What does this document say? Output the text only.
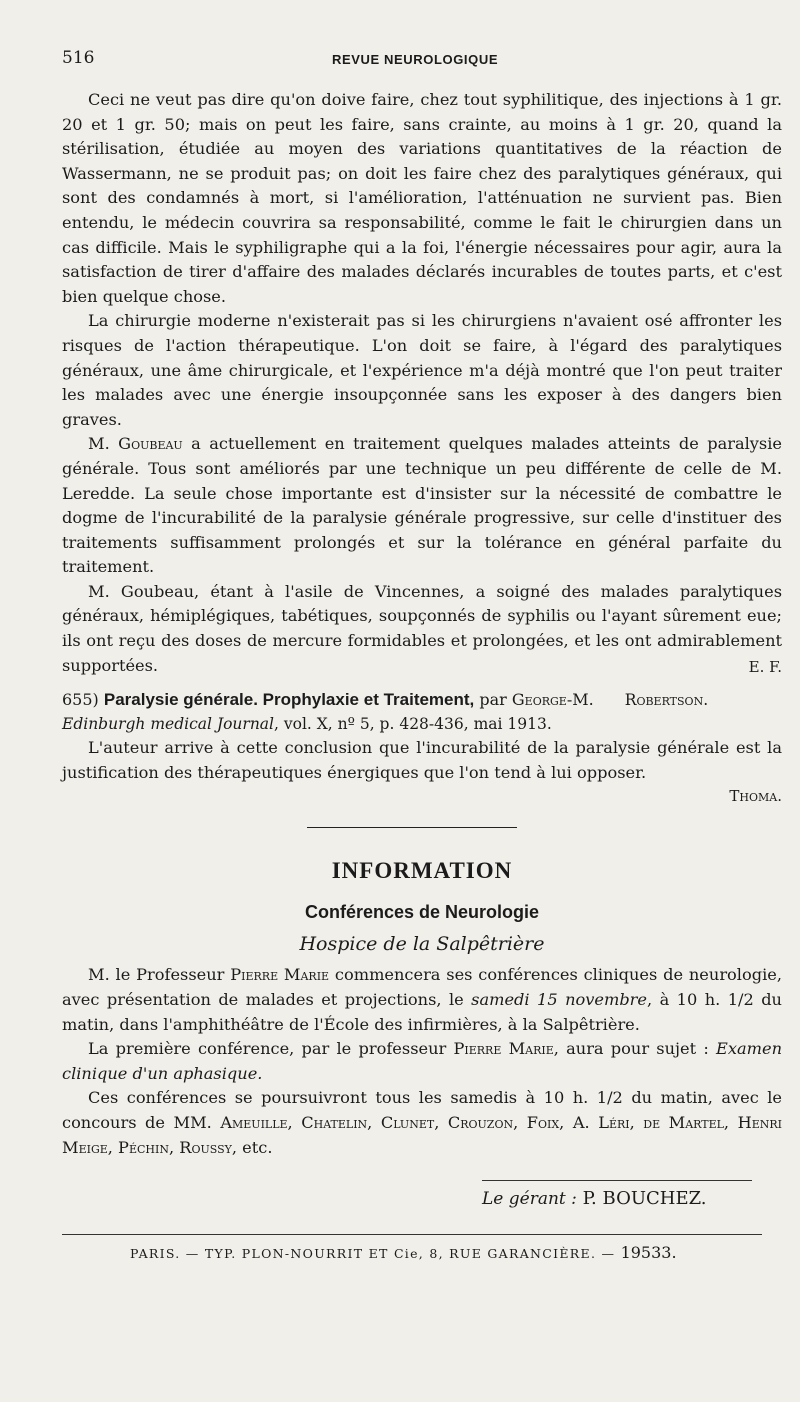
516	REVUE NEUROLOGIQUE

Ceci ne veut pas dire qu'on doive faire, chez tout syphilitique, des injections à 1 gr. 20 et 1 gr. 50; mais on peut les faire, sans crainte, au moins à 1 gr. 20, quand la stérilisation, étudiée au moyen des variations quantitatives de la réaction de Wassermann, ne se produit pas; on doit les faire chez des paralytiques généraux, qui sont des condamnés à mort, si l'amélioration, l'atténuation ne survient pas. Bien entendu, le médecin couvrira sa responsabilité, comme le fait le chirurgien dans un cas difficile. Mais le syphiligraphe qui a la foi, l'énergie nécessaires pour agir, aura la satisfaction de tirer d'affaire des malades déclarés incurables de toutes parts, et c'est bien quelque chose.

La chirurgie moderne n'existerait pas si les chirurgiens n'avaient osé affronter les risques de l'action thérapeutique. L'on doit se faire, à l'égard des paralytiques généraux, une âme chirurgicale, et l'expérience m'a déjà montré que l'on peut traiter les malades avec une énergie insoupçonnée sans les exposer à des dangers bien graves.

M. Goubeau a actuellement en traitement quelques malades atteints de paralysie générale. Tous sont améliorés par une technique un peu différente de celle de M. Leredde. La seule chose importante est d'insister sur la nécessité de combattre le dogme de l'incurabilité de la paralysie générale progressive, sur celle d'instituer des traitements suffisamment prolongés et sur la tolérance en général parfaite du traitement.

M. Goubeau, étant à l'asile de Vincennes, a soigné des malades paralytiques généraux, hémiplégiques, tabétiques, soupçonnés de syphilis ou l'ayant sûrement eue; ils ont reçu des doses de mercure formidables et prolongées, et les ont admirablement supportées.	E. F.

655) Paralysie générale. Prophylaxie et Traitement, par George-M. Robertson. Edinburgh medical Journal, vol. X, nº 5, p. 428-436, mai 1913.

L'auteur arrive à cette conclusion que l'incurabilité de la paralysie générale est la justification des thérapeutiques énergiques que l'on tend à lui opposer.

Thoma.

INFORMATION
Conférences de Neurologie
Hospice de la Salpêtrière

M. le Professeur Pierre Marie commencera ses conférences cliniques de neurologie, avec présentation de malades et projections, le samedi 15 novembre, à 10 h. 1/2 du matin, dans l'amphithéâtre de l'École des infirmières, à la Salpêtrière.

La première conférence, par le professeur Pierre Marie, aura pour sujet : Examen clinique d'un aphasique.

Ces conférences se poursuivront tous les samedis à 10 h. 1/2 du matin, avec le concours de MM. Ameuille, Chatelin, Clunet, Crouzon, Foix, A. Léri, de Martel, Henri Meige, Péchin, Roussy, etc.

Le gérant : P. BOUCHEZ.
PARIS. — TYP. PLON-NOURRIT ET Cie, 8, RUE GARANCIÈRE. — 19533.
